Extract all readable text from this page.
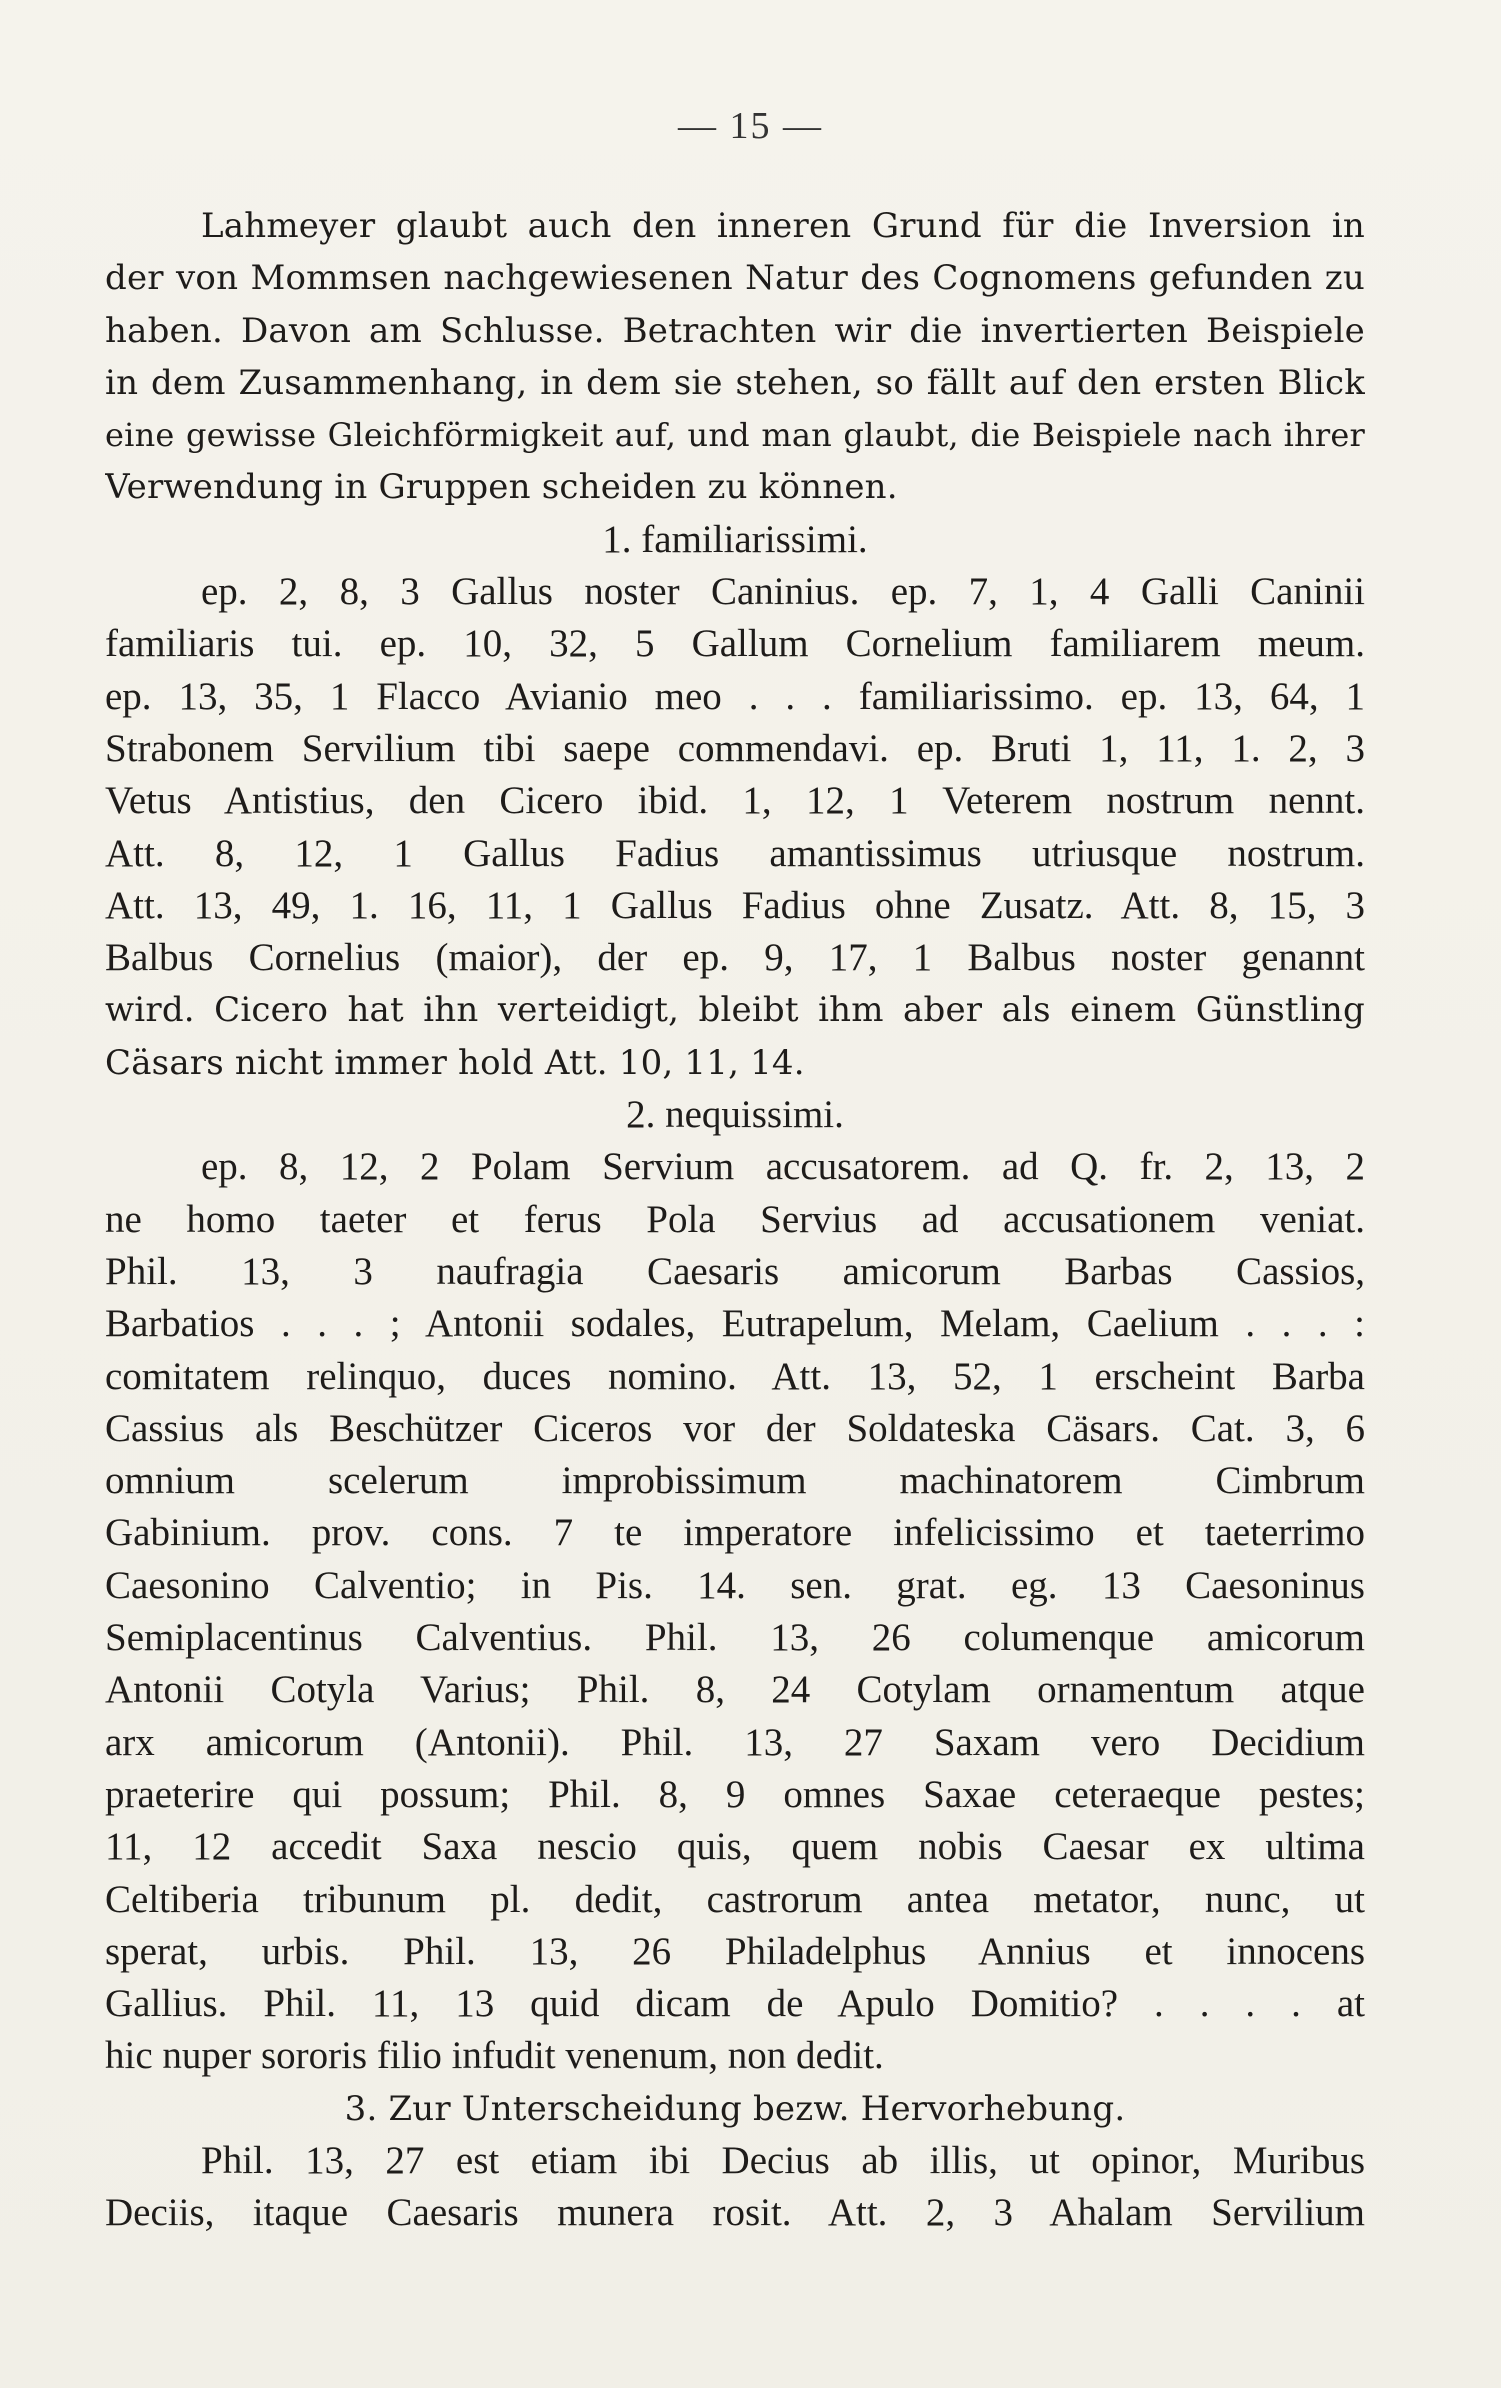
— 15 —
Lahmeyer glaubt auch den inneren Grund für die Inversion in
der von Mommsen nachgewiesenen Natur des Cognomens gefunden zu
haben. Davon am Schlusse. Betrachten wir die invertierten Beispiele
in dem Zusammenhang, in dem sie stehen, so fällt auf den ersten Blick
eine gewisse Gleichförmigkeit auf, und man glaubt, die Beispiele nach ihrer
Verwendung in Gruppen scheiden zu können.
1. familiarissimi.
ep. 2, 8, 3 Gallus noster Caninius. ep. 7, 1, 4 Galli Caninii
familiaris tui. ep. 10, 32, 5 Gallum Cornelium familiarem meum.
ep. 13, 35, 1 Flacco Avianio meo . . . familiarissimo. ep. 13, 64, 1
Strabonem Servilium tibi saepe commendavi. ep. Bruti 1, 11, 1. 2, 3
Vetus Antistius, den Cicero ibid. 1, 12, 1 Veterem nostrum nennt.
Att. 8, 12, 1 Gallus Fadius amantissimus utriusque nostrum.
Att. 13, 49, 1. 16, 11, 1 Gallus Fadius ohne Zusatz. Att. 8, 15, 3
Balbus Cornelius (maior), der ep. 9, 17, 1 Balbus noster genannt
wird. Cicero hat ihn verteidigt, bleibt ihm aber als einem Günstling
Cäsars nicht immer hold Att. 10, 11, 14.
2. nequissimi.
ep. 8, 12, 2 Polam Servium accusatorem. ad Q. fr. 2, 13, 2
ne homo taeter et ferus Pola Servius ad accusationem veniat.
Phil. 13, 3 naufragia Caesaris amicorum Barbas Cassios,
Barbatios . . . ; Antonii sodales, Eutrapelum, Melam, Caelium . . . :
comitatem relinquo, duces nomino. Att. 13, 52, 1 erscheint Barba
Cassius als Beschützer Ciceros vor der Soldateska Cäsars. Cat. 3, 6
omnium scelerum improbissimum machinatorem Cimbrum
Gabinium. prov. cons. 7 te imperatore infelicissimo et taeterrimo
Caesonino Calventio; in Pis. 14. sen. grat. eg. 13 Caesoninus
Semiplacentinus Calventius. Phil. 13, 26 columenque amicorum
Antonii Cotyla Varius; Phil. 8, 24 Cotylam ornamentum atque
arx amicorum (Antonii). Phil. 13, 27 Saxam vero Decidium
praeterire qui possum; Phil. 8, 9 omnes Saxae ceteraeque pestes;
11, 12 accedit Saxa nescio quis, quem nobis Caesar ex ultima
Celtiberia tribunum pl. dedit, castrorum antea metator, nunc, ut
sperat, urbis. Phil. 13, 26 Philadelphus Annius et innocens
Gallius. Phil. 11, 13 quid dicam de Apulo Domitio? . . . . at
hic nuper sororis filio infudit venenum, non dedit.
3. Zur Unterscheidung bezw. Hervorhebung.
Phil. 13, 27 est etiam ibi Decius ab illis, ut opinor, Muribus
Deciis, itaque Caesaris munera rosit. Att. 2, 3 Ahalam Servilium
